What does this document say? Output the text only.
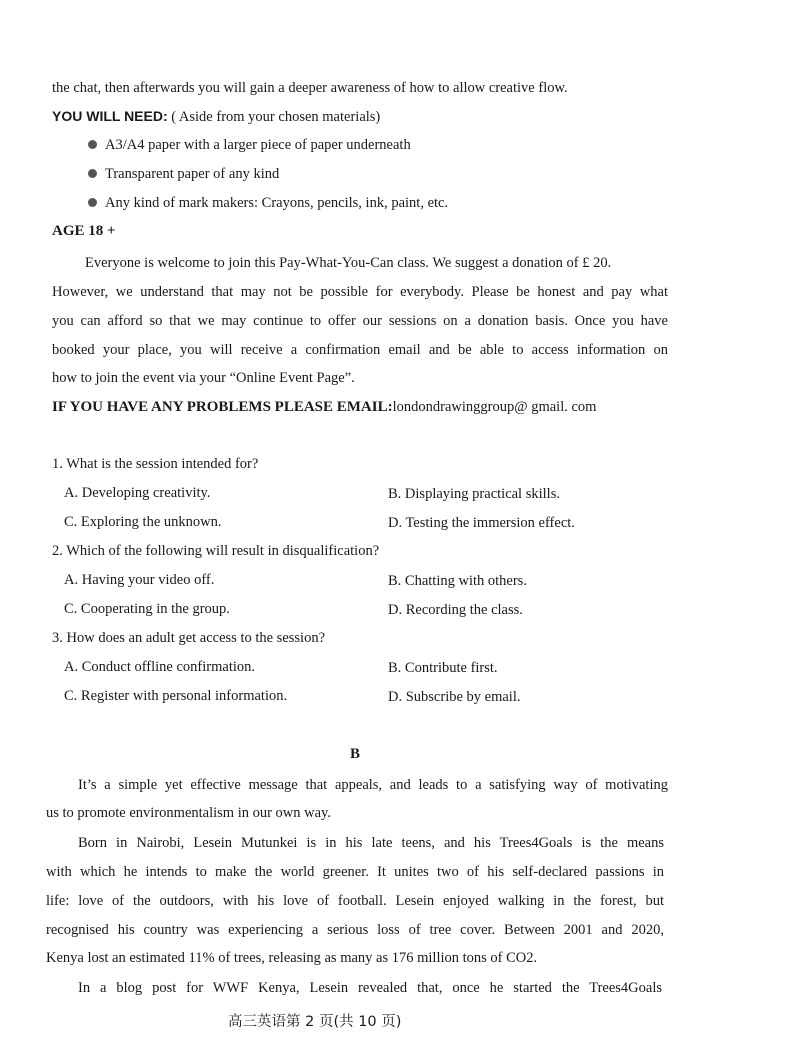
the chat, then afterwards you will gain a deeper awareness of how to allow creative flow.
YOU WILL NEED: ( Aside from your chosen materials)
A3/A4 paper with a larger piece of paper underneath
Transparent paper of any kind
Any kind of mark makers: Crayons, pencils, ink, paint, etc.
AGE 18 +
Everyone is welcome to join this Pay-What-You-Can class. We suggest a donation of £ 20.
However, we understand that may not be possible for everybody. Please be honest and pay what
you can afford so that we may continue to offer our sessions on a donation basis. Once you have
booked your place, you will receive a confirmation email and be able to access information on
how to join the event via your “Online Event Page”.
IF YOU HAVE ANY PROBLEMS PLEASE EMAIL:londondrawinggroup@ gmail. com
1. What is the session intended for?
A. Developing creativity.	B. Displaying practical skills.
C. Exploring the unknown.	D. Testing the immersion effect.
2. Which of the following will result in disqualification?
A. Having your video off.	B. Chatting with others.
C. Cooperating in the group.	D. Recording the class.
3. How does an adult get access to the session?
A. Conduct offline confirmation.	B. Contribute first.
C. Register with personal information.	D. Subscribe by email.
B
It’s a simple yet effective message that appeals, and leads to a satisfying way of motivating
us to promote environmentalism in our own way.
Born in Nairobi, Lesein Mutunkei is in his late teens, and his Trees4Goals is the means
with which he intends to make the world greener. It unites two of his self-declared passions in
life: love of the outdoors, with his love of football. Lesein enjoyed walking in the forest, but
recognised his country was experiencing a serious loss of tree cover. Between 2001 and 2020,
Kenya lost an estimated 11% of trees, releasing as many as 176 million tons of CO2.
In a blog post for WWF Kenya, Lesein revealed that, once he started the Trees4Goals
高三英语第 2 页(共 10 页)
